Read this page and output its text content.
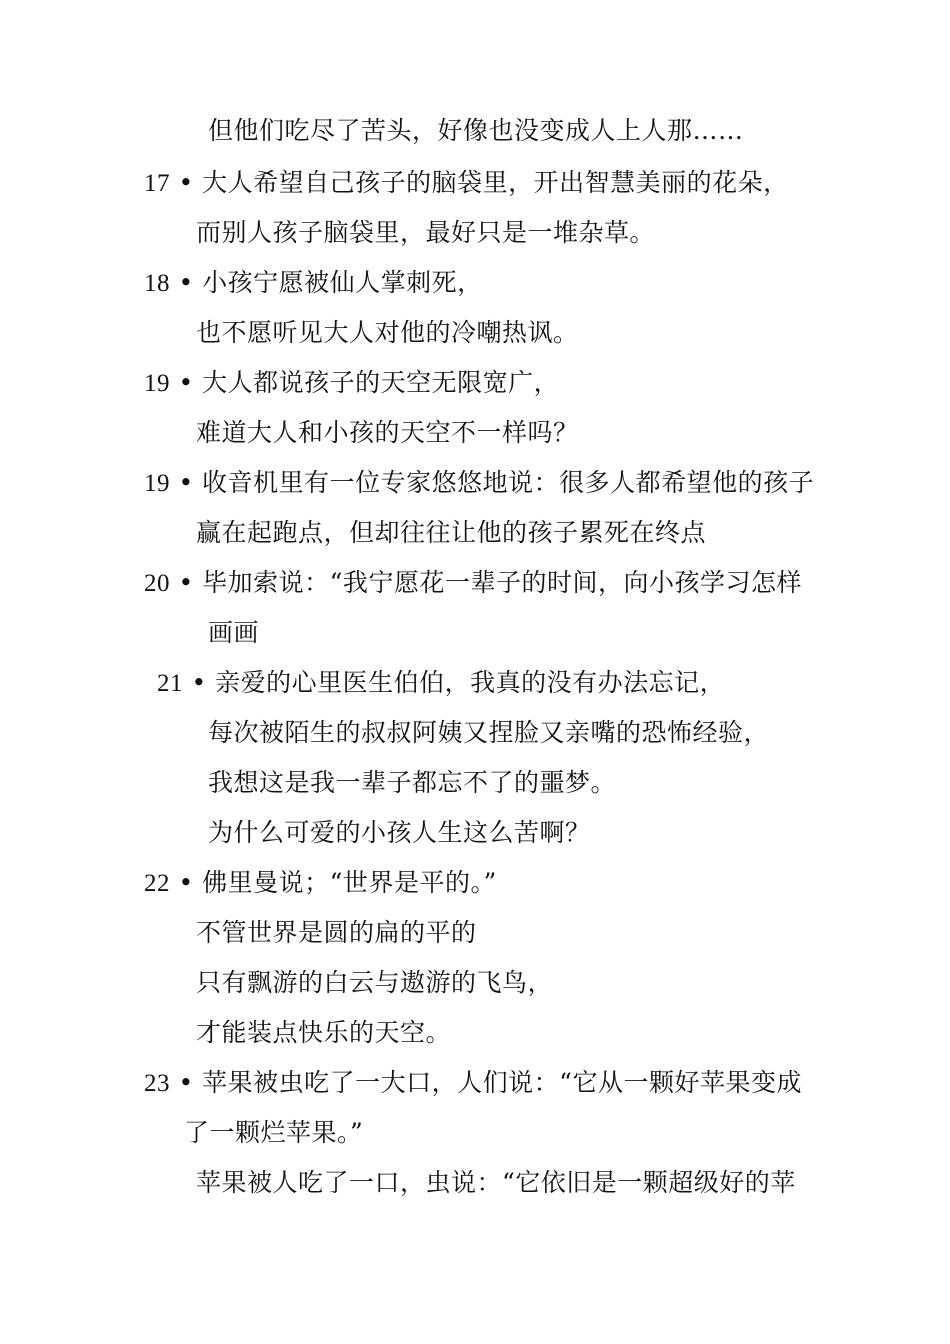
但他们吃尽了苦头，好像也没变成人上人那……
17 • 大人希望自己孩子的脑袋里，开出智慧美丽的花朵，
而别人孩子脑袋里，最好只是一堆杂草。
18 • 小孩宁愿被仙人掌刺死，
也不愿听见大人对他的冷嘲热讽。
19 • 大人都说孩子的天空无限宽广，
难道大人和小孩的天空不一样吗？
19 • 收音机里有一位专家悠悠地说：很多人都希望他的孩子
赢在起跑点，但却往往让他的孩子累死在终点
20 • 毕加索说：“我宁愿花一辈子的时间，向小孩学习怎样
画画
21 • 亲爱的心里医生伯伯，我真的没有办法忘记，
每次被陌生的叔叔阿姨又捏脸又亲嘴的恐怖经验，
我想这是我一辈子都忘不了的噩梦。
为什么可爱的小孩人生这么苦啊？
22 • 佛里曼说；“世界是平的。”
不管世界是圆的扁的平的
只有飘游的白云与遨游的飞鸟，
才能装点快乐的天空。
23 • 苹果被虫吃了一大口，人们说：“它从一颗好苹果变成
了一颗烂苹果。”
苹果被人吃了一口，虫说：“它依旧是一颗超级好的苹
